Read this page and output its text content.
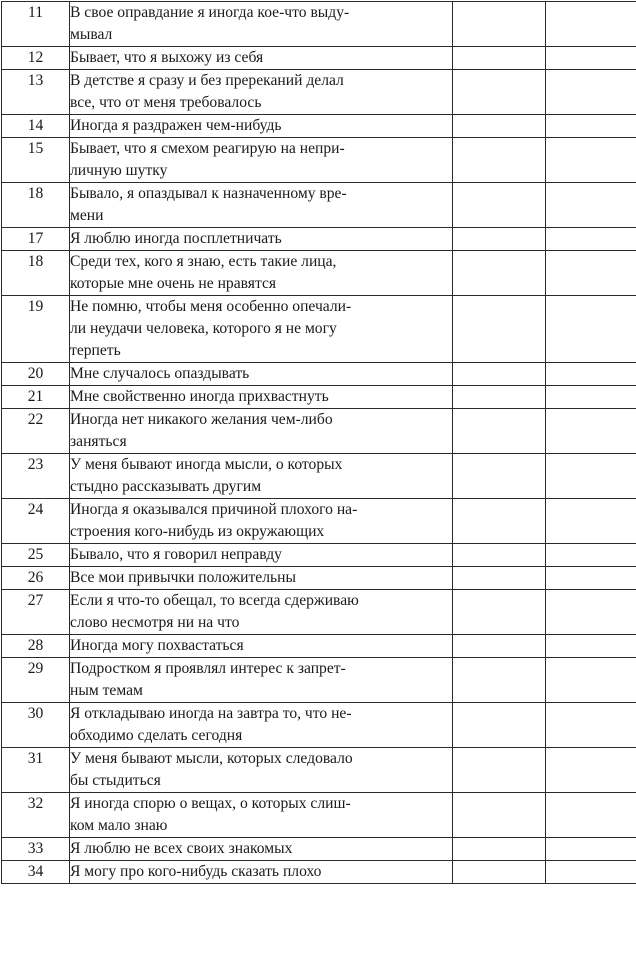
11	В свое оправдание я иногда кое-что выду-
мывал		
12	Бывает, что я выхожу из себя		
13	В детстве я сразу и без пререканий делал
все, что от меня требовалось		
14	Иногда я раздражен чем-нибудь		
15	Бывает, что я смехом реагирую на непри-
личную шутку		
18	Бывало, я опаздывал к назначенному вре-
мени		
17	Я люблю иногда посплетничать		
18	Среди тех, кого я знаю, есть такие лица,
которые мне очень не нравятся		
19	Не помню, чтобы меня особенно опечали-
ли неудачи человека, которого я не могу
терпеть		
20	Мне случалось опаздывать		
21	Мне свойственно иногда прихвастнуть		
22	Иногда нет никакого желания чем-либо
заняться		
23	У меня бывают иногда мысли, о которых
стыдно рассказывать другим		
24	Иногда я оказывался причиной плохого на-
строения кого-нибудь из окружающих		
25	Бывало, что я говорил неправду		
26	Все мои привычки положительны		
27	Если я что-то обещал, то всегда сдерживаю
слово несмотря ни на что		
28	Иногда могу похвастаться		
29	Подростком я проявлял интерес к запрет-
ным темам		
30	Я откладываю иногда на завтра то, что не-
обходимо сделать сегодня		
31	У меня бывают мысли, которых следовало
бы стыдиться		
32	Я иногда спорю о вещах, о которых слиш-
ком мало знаю		
33	Я люблю не всех своих знакомых		
34	Я могу про кого-нибудь сказать плохо		
